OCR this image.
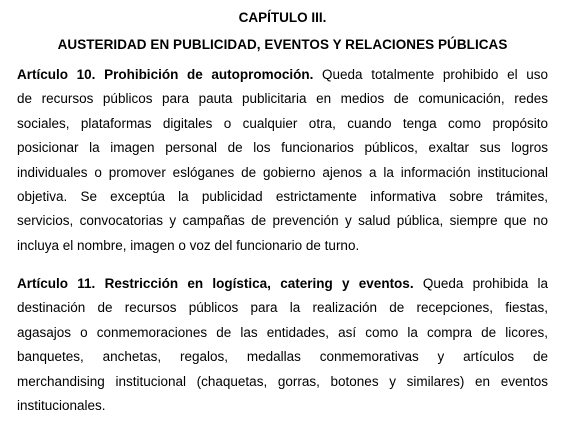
CAPÍTULO III.
AUSTERIDAD EN PUBLICIDAD, EVENTOS Y RELACIONES PÚBLICAS
Artículo 10. Prohibición de autopromoción. Queda totalmente prohibido el uso
de recursos públicos para pauta publicitaria en medios de comunicación, redes
sociales, plataformas digitales o cualquier otra, cuando tenga como propósito
posicionar la imagen personal de los funcionarios públicos, exaltar sus logros
individuales o promover eslóganes de gobierno ajenos a la información institucional
objetiva. Se exceptúa la publicidad estrictamente informativa sobre trámites,
servicios, convocatorias y campañas de prevención y salud pública, siempre que no
incluya el nombre, imagen o voz del funcionario de turno.
Artículo 11. Restricción en logística, catering y eventos. Queda prohibida la
destinación de recursos públicos para la realización de recepciones, fiestas,
agasajos o conmemoraciones de las entidades, así como la compra de licores,
banquetes, anchetas, regalos, medallas conmemorativas y artículos de
merchandising institucional (chaquetas, gorras, botones y similares) en eventos
institucionales.
